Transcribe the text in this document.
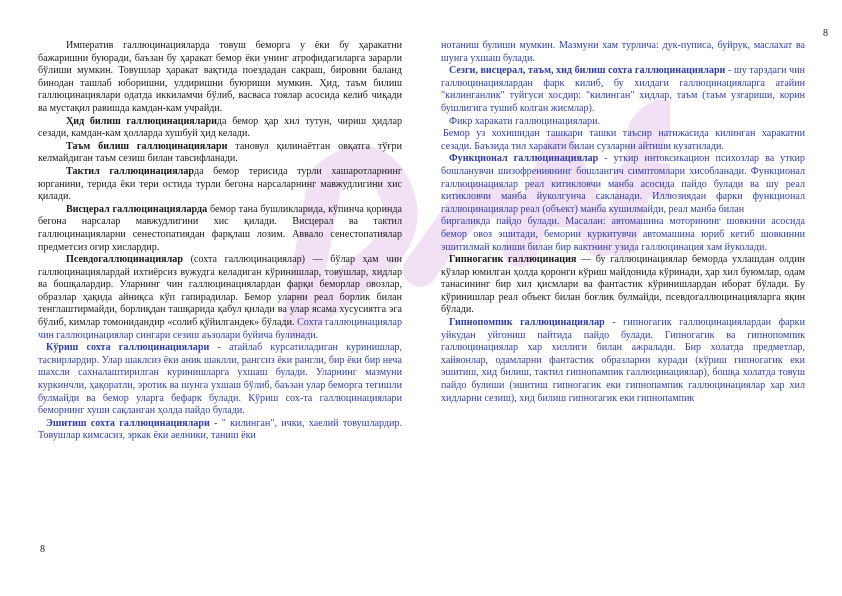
8

Императив галлюцинацияларда товуш беморга у ёки бу ҳаракатни бажаришни буюради, баъзан бу ҳаракат бемор ёки унинг атрофидагиларга зарарли бўлиши мумкин. Товушлар ҳаракат вақтида поездадан сакраш, бировни баланд бинодан ташлаб юборишни, улдиришни буюриши мумкин. Ҳид, таъм билиш галлюцинациялари одатда иккиламчи бўлиб, васваса гоялар асосида келиб чиқади ва мустақил равишда камдан-кам учрайди.

Ҳид билиш галлюцинацияларида бемор ҳар хил тутун, чириш ҳидлар сезади, камдан-кам ҳолларда хушбуй ҳид келади.

Таъм билиш галлюцинациялари тановул қилинаётган овқатга тўғри келмайдиган таъм сезиш билан тавсифланади.

Тактил галлюцинацияларда бемор терисида турли хашаротларнинг юрганини, терида ёки тери остида турли бегона нарсаларнинг мавжудлигини хис қилади.

Висцерал галлюцинацияларда бемор тана бушликларида, кўпинча қоринда бегона нарсалар мавжудлигини хис қилади. Висцерал ва тактил галлюцинацияларни сенестопатиядан фарқлаш лозим. Аввало сенестопатиялар предметсиз огир хислардир.

Псевдогаллюцинациялар (сохта галлюцинациялар) — бўлар ҳам чин галлюцинациялардай ихтиёрсиз вужудга келадиган кўринишлар, товушлар, хидлар ва бошқалардир. Уларнинг чин галлюцинациялардан фарқи беморлар овозлар, образлар ҳақида айниқса кўп гапирадилар. Бемор уларни реал борлик билан тенглаштирмайди, борлиқдан ташқарида қабул қилади ва улар ясама хусусиятга эга бўлиб, кимлар томонидандир «солиб қўйилгандек» бўлади. Сохта галлюцинациялар чин галлюцинациялар сингари сезиш аъзолари буйича булинади.

Кўриш сохта галлюцинациялари - атайлаб курсатиладиган куринишлар, тасвирлардир. Улар шаклсиз ёки аник шаклли, рангсиз ёки рангли, бир ёки бир неча шахсли сахналаштирилган куринишларга ухшаш булади. Уларнинг мазмуни куркинчли, ҳақоратли, эротик ва шунга ухшаш бўлиб, баъзан улар беморга тегишли булмайди ва бемор уларга бефарк булади. Кўриш сох-та галлюцинациялари беморнинг хуши сақланган ҳолда пайдо булади.

Эшитиш сохта галлюцинациялари - " килинган", ички, хаелий товушлардир. Товушлар кимсасиз, эркак ёки аелники, таниш ёки

нотаниш булиши мумкин. Мазмуни хам турлича: дук-пуписа, буйрук, маслахат ва шунга ухшаш булади.

Сезги, висцерал, таъм, хид билиш сохта галлюцинациялари - шу тарздаги чин галлюцинациялардан фарк килиб, бу хилдаги галлюцинацияларга атайин "килинганлик" туйгуси хосдир: "килинган" хидлар, таъм (таъм узгариши, корин бушлигига тушиб колган жисмлар).

Фикр харакати галлюцинациялари.

Бемор уз хохишидан ташкари ташки таъсир натижасида килинган харакатни сезади. Баъзида тил харакати билан сузларни айтиши кузатилади.

Функционал галлюцинациялар - уткир интоксикацион психозлар ва уткир бошланувчи шизофрениянинг бошлангич симптомлари хисобланади. Функционал галлюцинациялар реал китикловчи манба асосида пайдо булади ва шу реал китикловчи манба йуколгунча сакланади. Иллюзиядан фарки функционал галлюцинациялар реал (объект) манба кушилмайди, реал манба билан

биргаликда пайдо булади. Масалан: автомашина моторининг шовкини асосида бемор овоз эшитади, беморни куркитувчи автомашина юриб кетиб шовкинни эшитилмай колиши билан бир вактнинг узида галлюцинация хам йуколади.

Гипногагик галлюцинация — бу галлюцинациялар беморда ухлашдан олдин кўзлар юмилган ҳолда қоронги кўриш майдонида кўринади, ҳар хил буюмлар, одам танасининг бир хил қисмлари ва фантастик кўринишлардан иборат бўлади. Бу кўринишлар реал объект билан боғлик булмайди, псевдогаллюцинацияларга яқин бўлади.

Гипнопомпик галлюцинациялар - гипногагик галлюцинациялардан фарки уйкудан уйгониш пайтида пайдо булади. Гипногагик ва гипнопомпик галлюцинациялар хар хиллиги билан ажралади. Бир холатда предметлар, хайвонлар, одамларни фантастик образларни куради (кўриш гипногагик еки эшитиш, хид билиш, тактил гипнопампик галлюцинациялар), бошқа холатда товуш пайдо булиши (эшитиш гипногагик еки гипнопампик галлюцинациялар хар хил хидларни сезиш), хид билиш гипногагик еки гипнопампик

8
